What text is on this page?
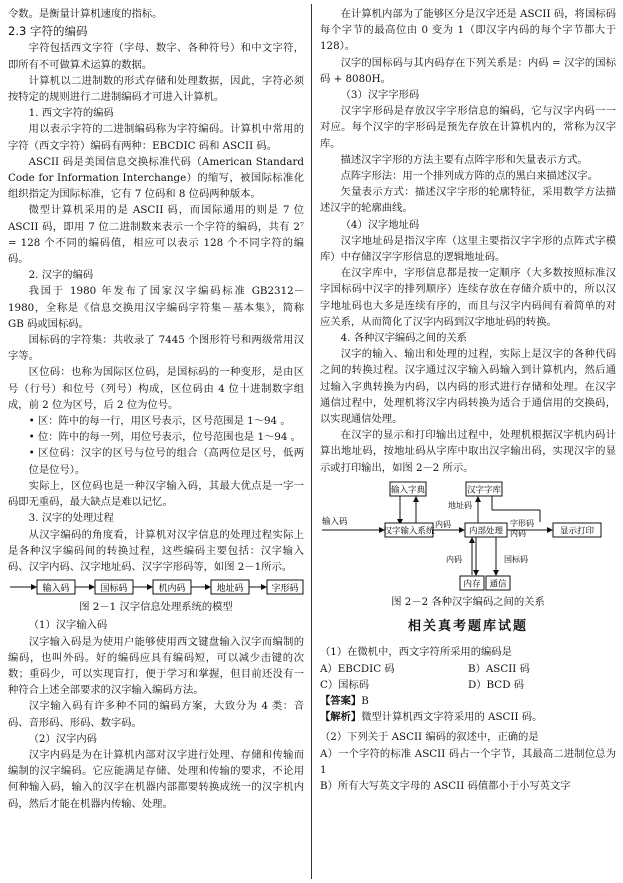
令数。是衡量计算机速度的指标。

2.3 字符的编码

字符包括西文字符（字母、数字、各种符号）和中文字符，即所有不可做算术运算的数据。

计算机以二进制数的形式存储和处理数据，因此，字符必须按特定的规则进行二进制编码才可进入计算机。

1. 西文字符的编码

用以表示字符的二进制编码称为字符编码。计算机中常用的字符（西文字符）编码有两种：EBCDIC 码和 ASCII 码。

ASCII 码是美国信息交换标准代码（American Standard Code for Information Interchange）的缩写，被国际标准化组织指定为国际标准，它有 7 位码和 8 位码两种版本。

微型计算机采用的是 ASCII 码，而国际通用的则是 7 位 ASCII 码，即用 7 位二进制数来表示一个字符的编码，共有 2⁷ = 128 个不同的编码值，相应可以表示 128 个不同字符的编码。

2. 汉字的编码

我国于 1980 年发布了国家汉字编码标准 GB2312－1980，全称是《信息交换用汉字编码字符集－基本集》，简称 GB 码或国标码。

国标码的字符集：共收录了 7445 个图形符号和两级常用汉字等。

区位码：也称为国际区位码，是国标码的一种变形，是由区号（行号）和位号（列号）构成，区位码由 4 位十进制数字组成，前 2 位为区号，后 2 位为位号。

• 区：阵中的每一行，用区号表示，区号范围是 1～94 。

• 位：阵中的每一列，用位号表示，位号范围也是 1～94 。

• 区位码：汉字的区号与位号的组合（高两位是区号，低两位是位号）。

实际上，区位码也是一种汉字输入码，其最大优点是一字一码即无重码，最大缺点是难以记忆。

3. 汉字的处理过程

从汉字编码的角度看，计算机对汉字信息的处理过程实际上是各种汉字编码间的转换过程，这些编码主要包括：汉字输入码、汉字内码、汉字地址码、汉字字形码等，如图 2－1所示。

输入码	国标码	机内码	地址码	字形码

图 2－1 汉字信息处理系统的模型

（1）汉字输入码

汉字输入码是为使用户能够使用西文键盘输入汉字而编制的编码，也叫外码。好的编码应具有编码短，可以减少击键的次数；重码少，可以实现盲打，便于学习和掌握，但目前还没有一种符合上述全部要求的汉字输入编码方法。

汉字输入码有许多种不同的编码方案，大致分为 4 类：音码、音形码、形码、数字码。

（2）汉字内码

汉字内码是为在计算机内部对汉字进行处理、存储和传输而编制的汉字编码。它应能满足存储、处理和传输的要求，不论用何种输入码，输入的汉字在机器内部都要转换成统一的汉字机内码，然后才能在机器内传输、处理。

在计算机内部为了能够区分是汉字还是 ASCII 码，将国标码每个字节的最高位由 0 变为 1（即汉字内码的每个字节都大于 128）。

汉字的国标码与其内码存在下列关系是：内码 = 汉字的国标码 + 8080H。

（3）汉字字形码

汉字字形码是存放汉字字形信息的编码，它与汉字内码一一对应。每个汉字的字形码是预先存放在计算机内的，常称为汉字库。

描述汉字字形的方法主要有点阵字形和矢量表示方式。

点阵字形法：用一个排列成方阵的点的黑白来描述汉字。

矢量表示方式：描述汉字字形的轮廓特征，采用数学方法描述汉字的轮廓曲线。

（4）汉字地址码

汉字地址码是指汉字库（这里主要指汉字字形的点阵式字模库）中存储汉字字形信息的逻辑地址码。

在汉字库中，字形信息都是按一定顺序（大多数按照标准汉字国标码中汉字的排列顺序）连续存放在存储介质中的，所以汉字地址码也大多是连续有序的，而且与汉字内码间有着简单的对应关系，从而简化了汉字内码到汉字地址码的转换。

4. 各种汉字编码之间的关系

汉字的输入、输出和处理的过程，实际上是汉字的各种代码之间的转换过程。汉字通过汉字输入码输入到计算机内，然后通过输入字典转换为内码，以内码的形式进行存储和处理。在汉字通信过程中，处理机将汉字内码转换为适合于通信用的交换码，以实现通信处理。

在汉字的显示和打印输出过程中，处理机根据汉字机内码计算出地址码，按地址码从字库中取出汉字输出码，实现汉字的显示或打印输出，如图 2－2 所示。

输入字典	汉字字库
输入码
汉字输入系统
内码
内部处理
地址码
字形码
内码	显示打印
内码
内存
国标码
通信

图 2－2 各种汉字编码之间的关系

相关真考题库试题

（1）在微机中，西文字符所采用的编码是

A）EBCDIC 码	B）ASCII 码
C）国标码	D）BCD 码

【答案】B

【解析】微型计算机西文字符采用的 ASCII 码。

（2）下列关于 ASCII 编码的叙述中，正确的是

A）一个字符的标准 ASCII 码占一个字节，其最高二进制位总为 1

B）所有大写英文字母的 ASCII 码值都小于小写英文字
